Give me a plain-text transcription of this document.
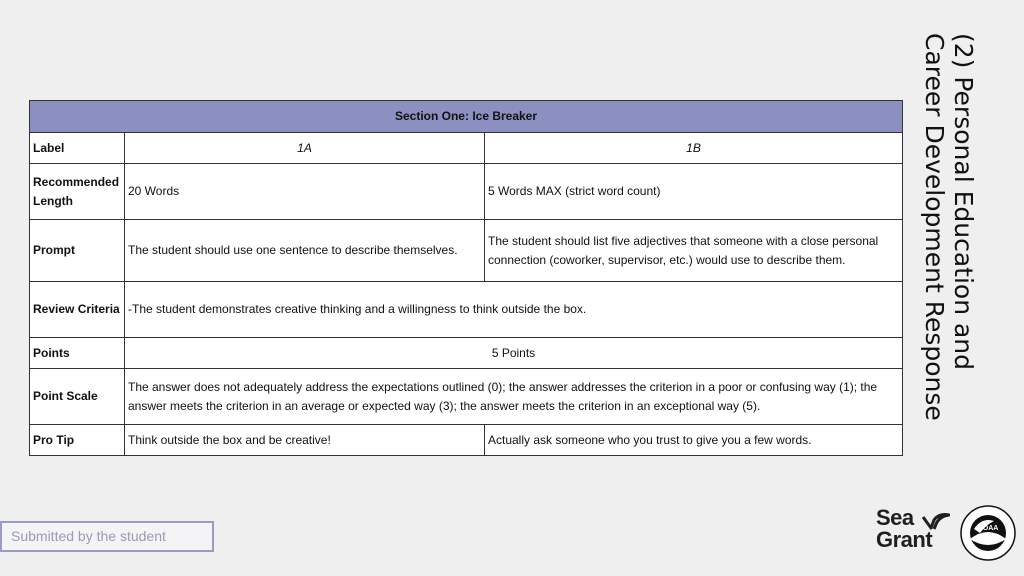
Section One: Ice Breaker		
Label	1A	1B
Recommended Length	20 Words	5 Words MAX (strict word count)
Prompt	The student should use one sentence to describe themselves.	The student should list five adjectives that someone with a close personal connection (coworker, supervisor, etc.) would use to describe them.
Review Criteria	-The student demonstrates creative thinking and a willingness to think outside the box.	
Points	5 Points	
Point Scale	The answer does not adequately address the expectations outlined (0); the answer addresses the criterion in a poor or confusing way (1); the answer meets the criterion in an average or expected way (3); the answer meets the criterion in an exceptional way (5).	
Pro Tip	Think outside the box and be creative!	Actually ask someone who you trust to give you a few words.
(2) Personal Education and
Career Development Response
Submitted by the student
Sea
Grant	NOAA
